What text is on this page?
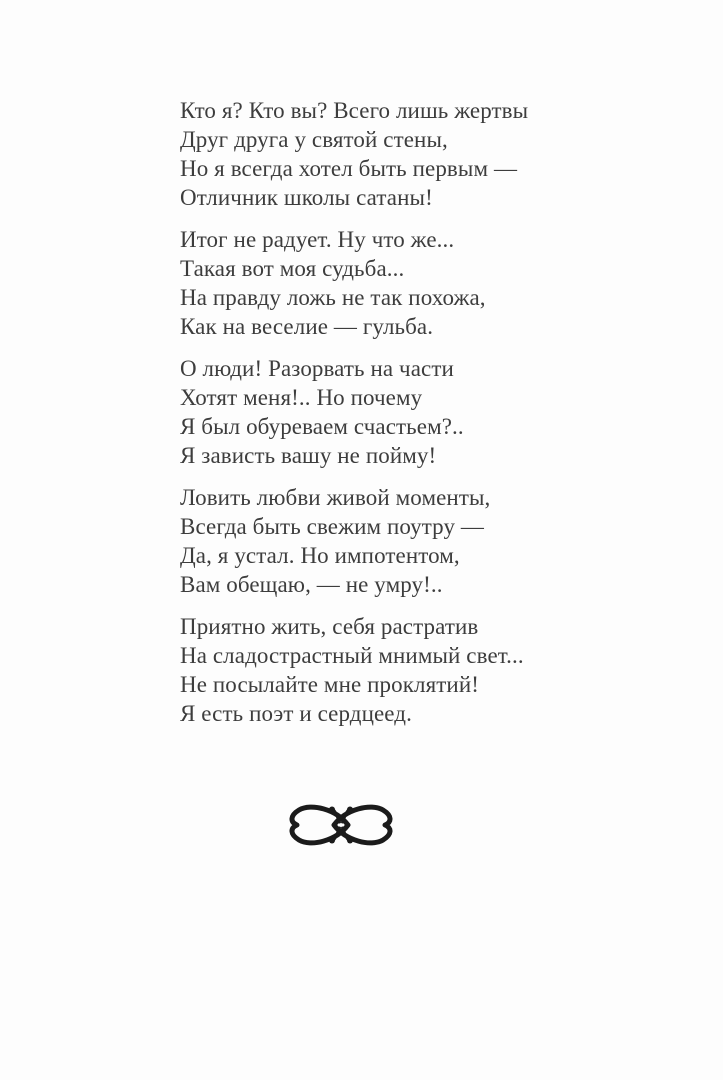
Кто я? Кто вы? Всего лишь жертвы
Друг друга у святой стены,
Но я всегда хотел быть первым —
Отличник школы сатаны!
Итог не радует. Ну что же...
Такая вот моя судьба...
На правду ложь не так похожа,
Как на веселие — гульба.
О люди! Разорвать на части
Хотят меня!.. Но почему
Я был обуреваем счастьем?..
Я зависть вашу не пойму!
Ловить любви живой моменты,
Всегда быть свежим поутру —
Да, я устал. Но импотентом,
Вам обещаю, — не умру!..
Приятно жить, себя растратив
На сладострастный мнимый свет...
Не посылайте мне проклятий!
Я есть поэт и сердцеед.
